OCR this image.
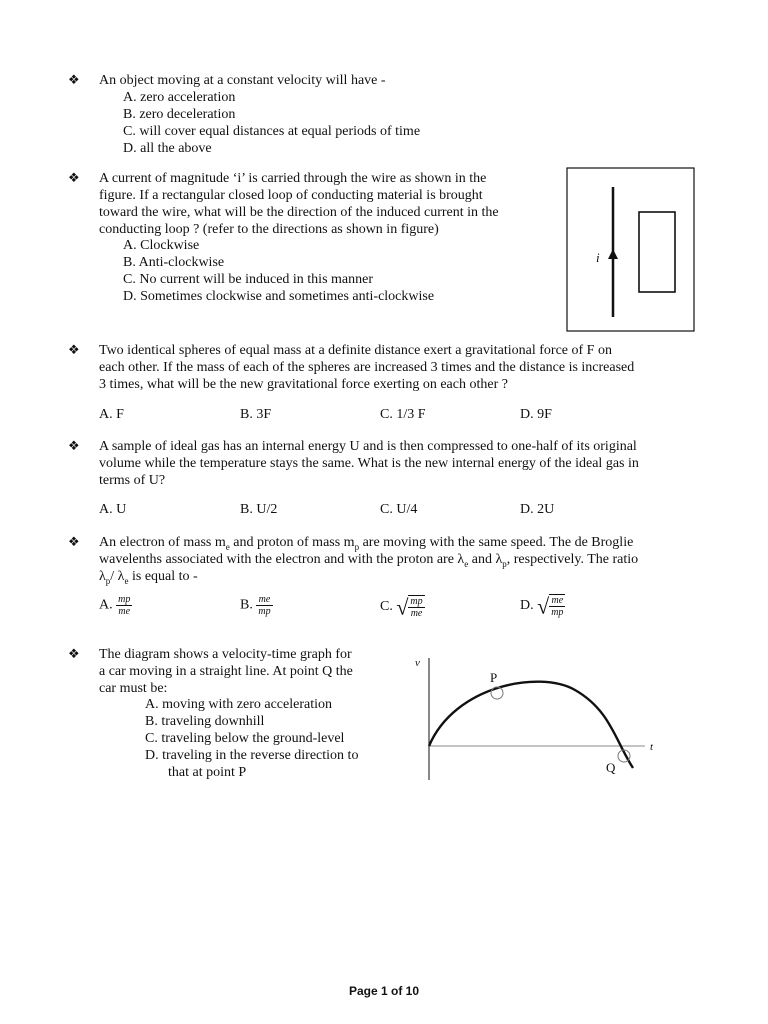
❖ An object moving at a constant velocity will have -
A. zero acceleration
B. zero deceleration
C. will cover equal distances at equal periods of time
D. all the above
❖ A current of magnitude ‘i’ is carried through the wire as shown in the
figure. If a rectangular closed loop of conducting material is brought
toward the wire, what will be the direction of the induced current in the
conducting loop ? (refer to the directions as shown in figure)
A. Clockwise
B. Anti-clockwise
C. No current will be induced in this manner
D. Sometimes clockwise and sometimes anti-clockwise
i
❖ Two identical spheres of equal mass at a definite distance exert a gravitational force of F on
each other. If the mass of each of the spheres are increased 3 times and the distance is increased
3 times, what will be the new gravitational force exerting on each other ?
A. F	B. 3F	C. 1/3 F	D. 9F
❖ A sample of ideal gas has an internal energy U and is then compressed to one-half of its original
volume while the temperature stays the same. What is the new internal energy of the ideal gas in
terms of U?
A. U	B. U/2	C. U/4	D. 2U
❖ An electron of mass $m_e$ and proton of mass $m_p$ are moving with the same speed. The de Broglie
wavelenths associated with the electron and with the proton are $\lambda_e$ and $\lambda_p$, respectively. The ratio
$\lambda_p/$ $\lambda_e$ is equal to -
A. $\frac{mp}{me}$	B. $\frac{me}{mp}$	C. √ $\frac{mp}{me}$	D. √ $\frac{me}{mp}$
❖ The diagram shows a velocity-time graph for
a car moving in a straight line. At point Q the
car must be:
A. moving with zero acceleration
B. traveling downhill
C. traveling below the ground-level
D. traveling in the reverse direction to
that at point P
v
t
P
Q
Page 1 of 10
